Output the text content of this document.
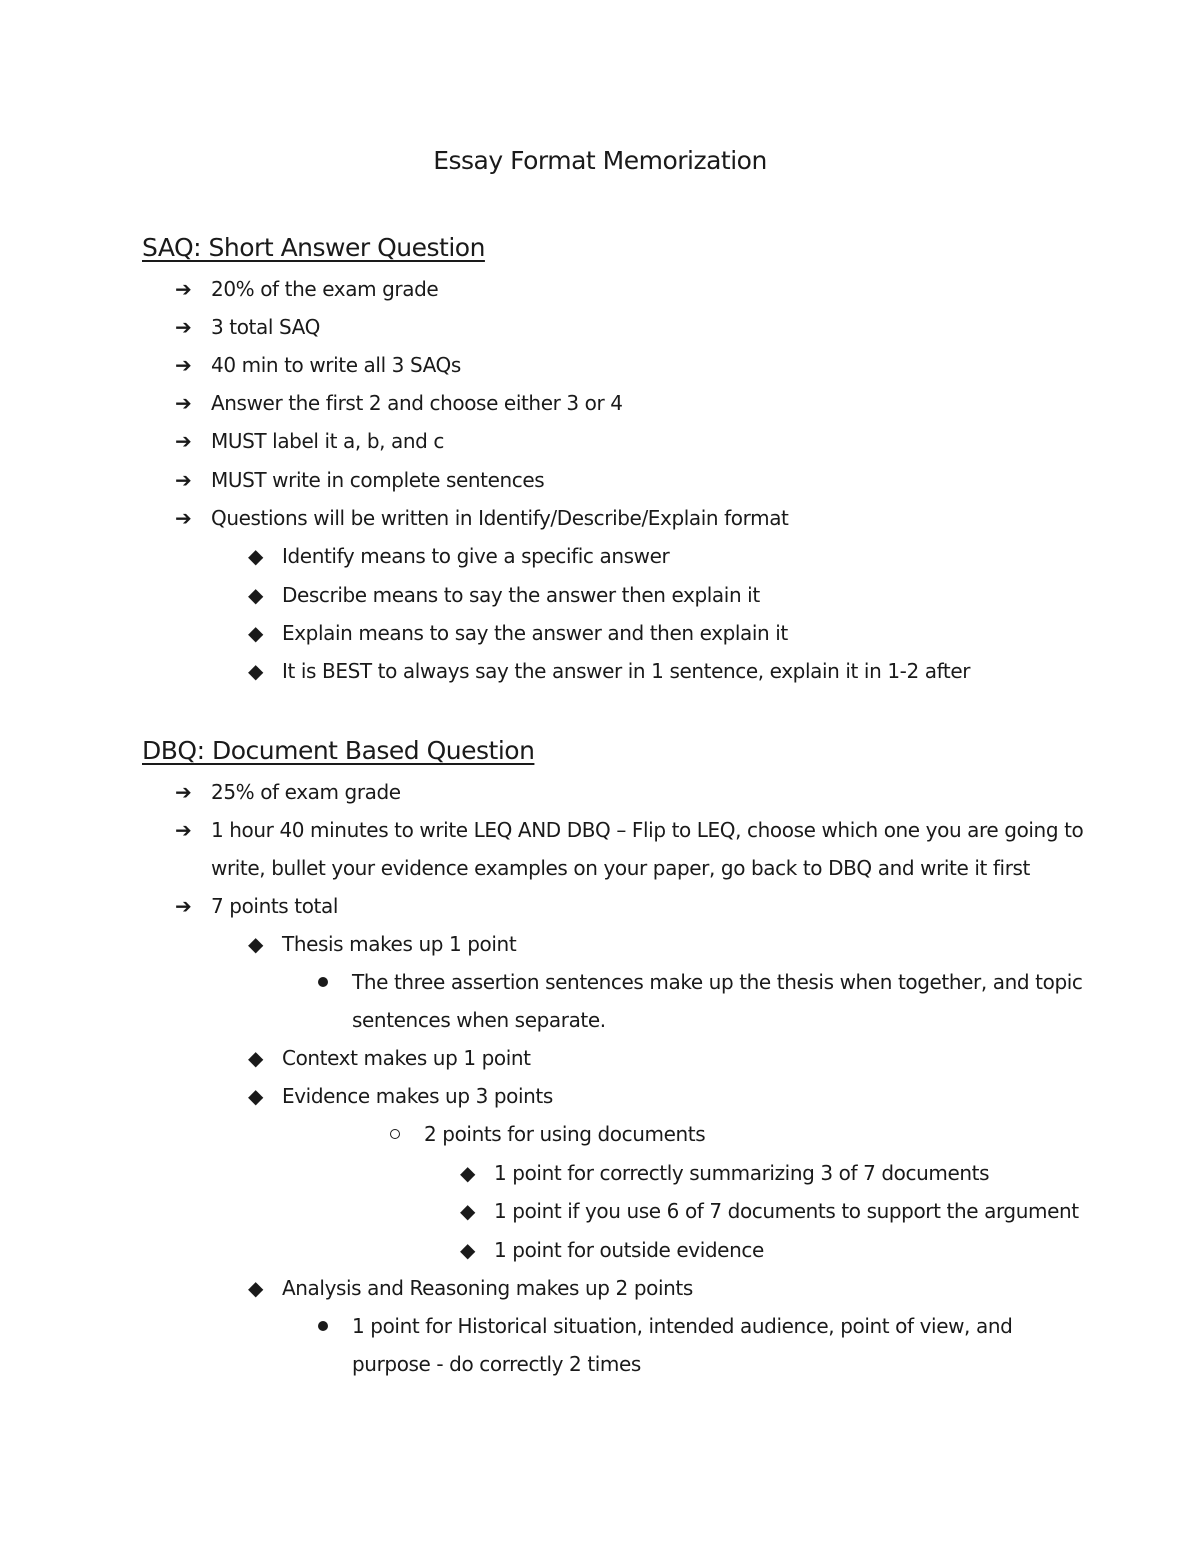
Essay Format Memorization
SAQ: Short Answer Question
➔ 20% of the exam grade
➔ 3 total SAQ
➔ 40 min to write all 3 SAQs
➔ Answer the first 2 and choose either 3 or 4
➔ MUST label it a, b, and c
➔ MUST write in complete sentences
➔ Questions will be written in Identify/Describe/Explain format
◆ Identify means to give a specific answer
◆ Describe means to say the answer then explain it
◆ Explain means to say the answer and then explain it
◆ It is BEST to always say the answer in 1 sentence, explain it in 1-2 after
DBQ: Document Based Question
➔ 25% of exam grade
➔ 1 hour 40 minutes to write LEQ AND DBQ – Flip to LEQ, choose which one you are going to
write, bullet your evidence examples on your paper, go back to DBQ and write it first
➔ 7 points total
◆ Thesis makes up 1 point
The three assertion sentences make up the thesis when together, and topic
sentences when separate.
◆ Context makes up 1 point
◆ Evidence makes up 3 points
2 points for using documents
◆ 1 point for correctly summarizing 3 of 7 documents
◆ 1 point if you use 6 of 7 documents to support the argument
◆ 1 point for outside evidence
◆ Analysis and Reasoning makes up 2 points
1 point for Historical situation, intended audience, point of view, and
purpose - do correctly 2 times
